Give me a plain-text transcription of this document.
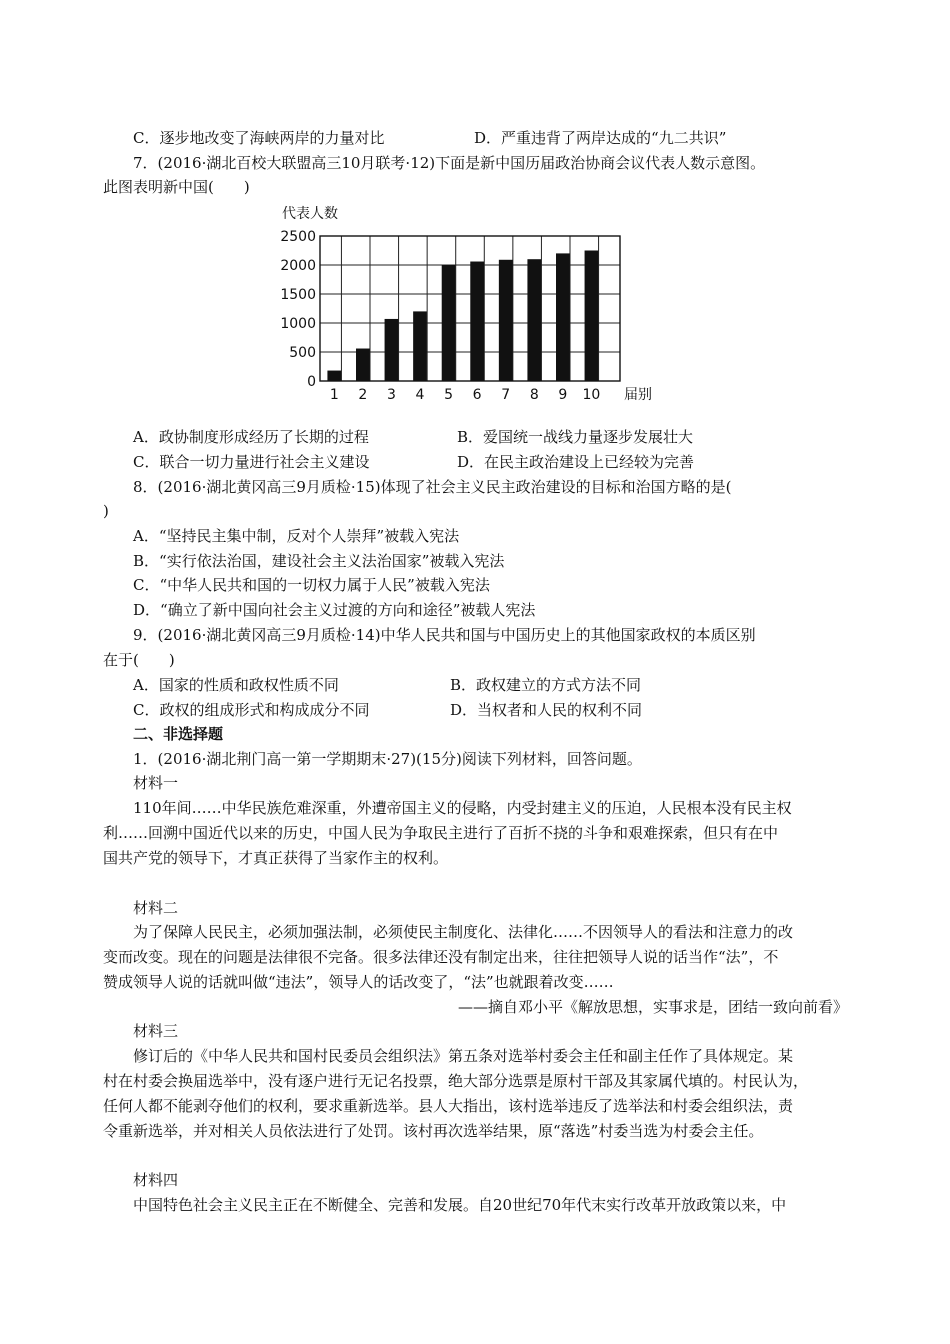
C．逐步地改变了海峡两岸的力量对比	D．严重违背了两岸达成的“九二共识”
7．(2016·湖北百校大联盟高三10月联考·12)下面是新中国历届政治协商会议代表人数示意图。
此图表明新中国(　　)
代表人数
0
500
1000
1500
2000
2500
1 2 3 4 5 6 7 8 9 10 届别
A．政协制度形成经历了长期的过程	B．爱国统一战线力量逐步发展壮大
C．联合一切力量进行社会主义建设	D．在民主政治建设上已经较为完善
8．(2016·湖北黄冈高三9月质检·15)体现了社会主义民主政治建设的目标和治国方略的是(
)
A．“坚持民主集中制，反对个人崇拜”被载入宪法
B．“实行依法治国，建设社会主义法治国家”被载入宪法
C．“中华人民共和国的一切权力属于人民”被载入宪法
D．“确立了新中国向社会主义过渡的方向和途径”被载人宪法
9．(2016·湖北黄冈高三9月质检·14)中华人民共和国与中国历史上的其他国家政权的本质区别
在于(　　)
A．国家的性质和政权性质不同	B．政权建立的方式方法不同
C．政权的组成形式和构成成分不同	D．当权者和人民的权利不同
二、非选择题
1．(2016·湖北荆门高一第一学期期末·27)(15分)阅读下列材料，回答问题。
材料一
110年间……中华民族危难深重，外遭帝国主义的侵略，内受封建主义的压迫，人民根本没有民主权
利……回溯中国近代以来的历史，中国人民为争取民主进行了百折不挠的斗争和艰难探索，但只有在中
国共产党的领导下，才真正获得了当家作主的权利。
材料二
为了保障人民民主，必须加强法制，必须使民主制度化、法律化……不因领导人的看法和注意力的改
变而改变。现在的问题是法律很不完备。很多法律还没有制定出来，往往把领导人说的话当作“法”，不
赞成领导人说的话就叫做“违法”，领导人的话改变了，“法”也就跟着改变……
——摘自邓小平《解放思想，实事求是，团结一致向前看》
材料三
修订后的《中华人民共和国村民委员会组织法》第五条对选举村委会主任和副主任作了具体规定。某
村在村委会换届选举中，没有逐户进行无记名投票，绝大部分选票是原村干部及其家属代填的。村民认为，
任何人都不能剥夺他们的权利，要求重新选举。县人大指出，该村选举违反了选举法和村委会组织法，责
令重新选举，并对相关人员依法进行了处罚。该村再次选举结果，原“落选”村委当选为村委会主任。
材料四
中国特色社会主义民主正在不断健全、完善和发展。自20世纪70年代末实行改革开放政策以来，中
